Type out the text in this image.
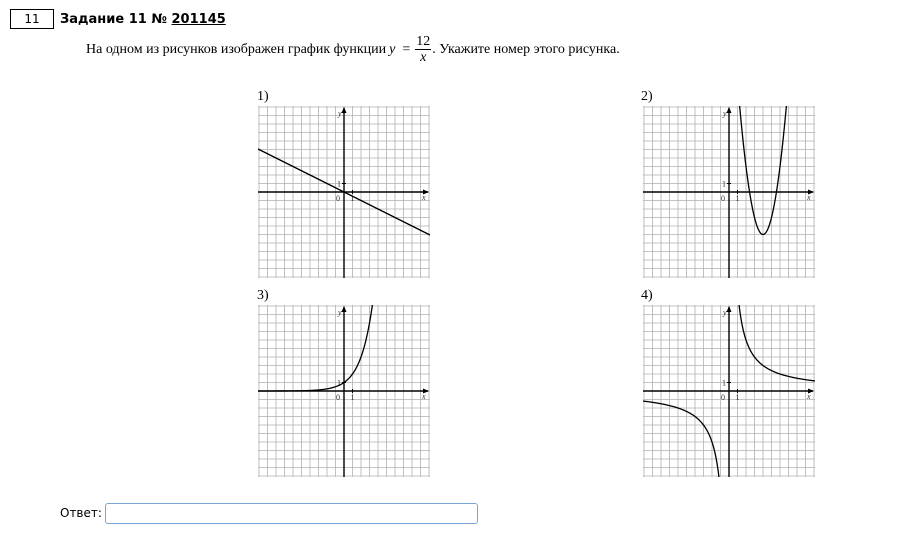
11	Задание 11 № 201145
На одном из рисунков изображен график функции $y = \frac{12}{x}$ . Укажите номер этого рисунка.
1)	2)
3)	4)
y
x
0 1
1
y
x
0 1
1
y
x
0 1
1
y
x
0 1
1
Ответ:
